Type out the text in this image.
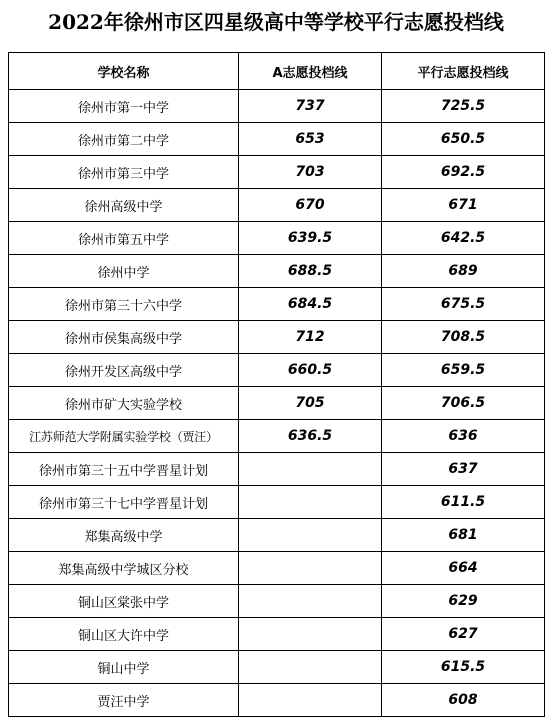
2022年徐州市区四星级高中等学校平行志愿投档线
学校名称	A志愿投档线	平行志愿投档线
徐州市第一中学	737	725.5
徐州市第二中学	653	650.5
徐州市第三中学	703	692.5
徐州高级中学	670	671
徐州市第五中学	639.5	642.5
徐州中学	688.5	689
徐州市第三十六中学	684.5	675.5
徐州市侯集高级中学	712	708.5
徐州开发区高级中学	660.5	659.5
徐州市矿大实验学校	705	706.5
江苏师范大学附属实验学校（贾汪）	636.5	636
徐州市第三十五中学晋星计划		637
徐州市第三十七中学晋星计划		611.5
郑集高级中学		681
郑集高级中学城区分校		664
铜山区棠张中学		629
铜山区大许中学		627
铜山中学		615.5
贾汪中学		608
